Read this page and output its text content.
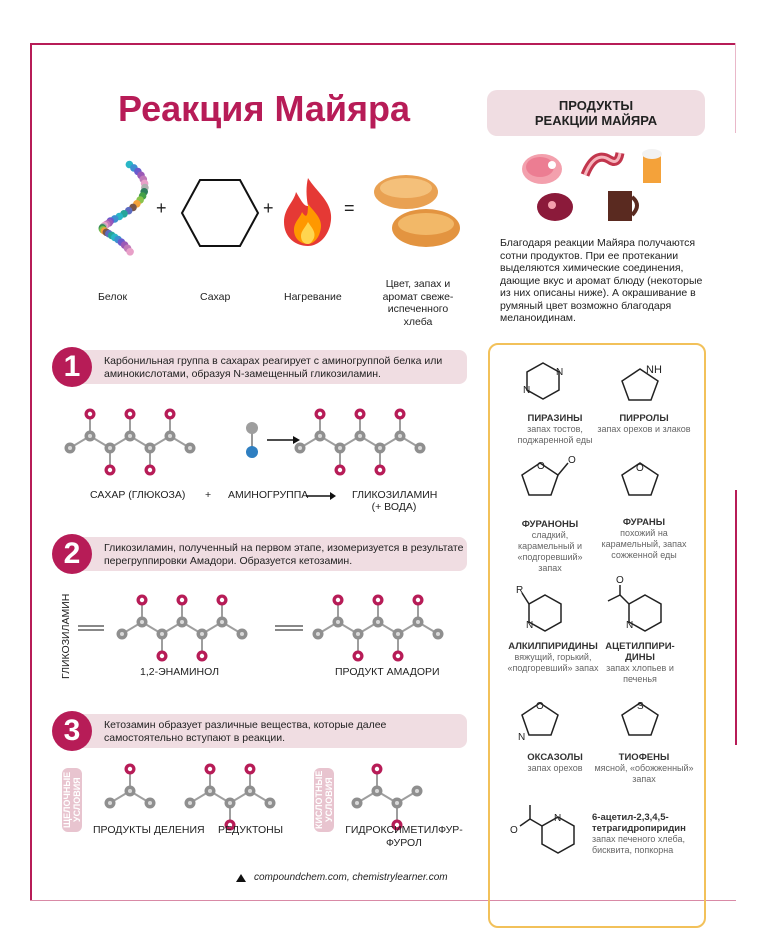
Реакция Майяра	ПРОДУКТЫ
РЕАКЦИИ МАЙЯРА
Благодаря реакции Майяра получаются сотни продуктов. При ее протекании выделяются химические соединения, дающие вкус и аромат блюду (некоторые из них описаны ниже). А окрашивание в румяный цвет возможно благодаря меланоидинам.
+	+	=
Белок	Сахар	Нагревание
Цвет, запах и аромат свеже-испеченного хлеба
Карбонильная группа в сахарах реагирует с аминогруппой белка или аминокислотами, образуя N-замещенный гликозиламин.
1
САХАР (ГЛЮКОЗА) + АМИНОГРУППА	ГЛИКОЗИЛАМИН (+ ВОДА)
Гликозиламин, полученный на первом этапе, изомеризуется в результате перегруппировки Амадори. Образуется кетозамин.
2
ГЛИКОЗИЛАМИН	1,2-ЭНАМИНОЛ	ПРОДУКТ АМАДОРИ
Кетозамин образует различные вещества, которые далее самостоятельно вступают в реакции.
3
ЩЕЛОЧНЫЕ УСЛОВИЯ	КИСЛОТНЫЕ УСЛОВИЯ
ПРОДУКТЫ ДЕЛЕНИЯ РЕДУКТОНЫ	ГИДРОКСИМЕТИЛФУР-ФУРОЛ
compoundchem.com, chemistrylearner.com
N
N
NH
O
O	O
R
N
O
N
O
N
S
O
N
ПИРАЗИНЫ
запах тостов, поджаренной еды
ПИРРОЛЫ
запах орехов и злаков
ФУРАНОНЫ
сладкий, карамельный и «подгоревший» запах
ФУРАНЫ
похожий на карамельный, запах сожженной еды
АЛКИЛПИРИДИНЫ
вяжущий, горький, «подгоревший» запах
АЦЕТИЛПИРИ-ДИНЫ
запах хлопьев и печенья
ОКСАЗОЛЫ
запах орехов
ТИОФЕНЫ
мясной, «обожженный» запах
6-ацетил-2,3,4,5-тетрагидропиридин
запах печеного хлеба, бисквита, попкорна
